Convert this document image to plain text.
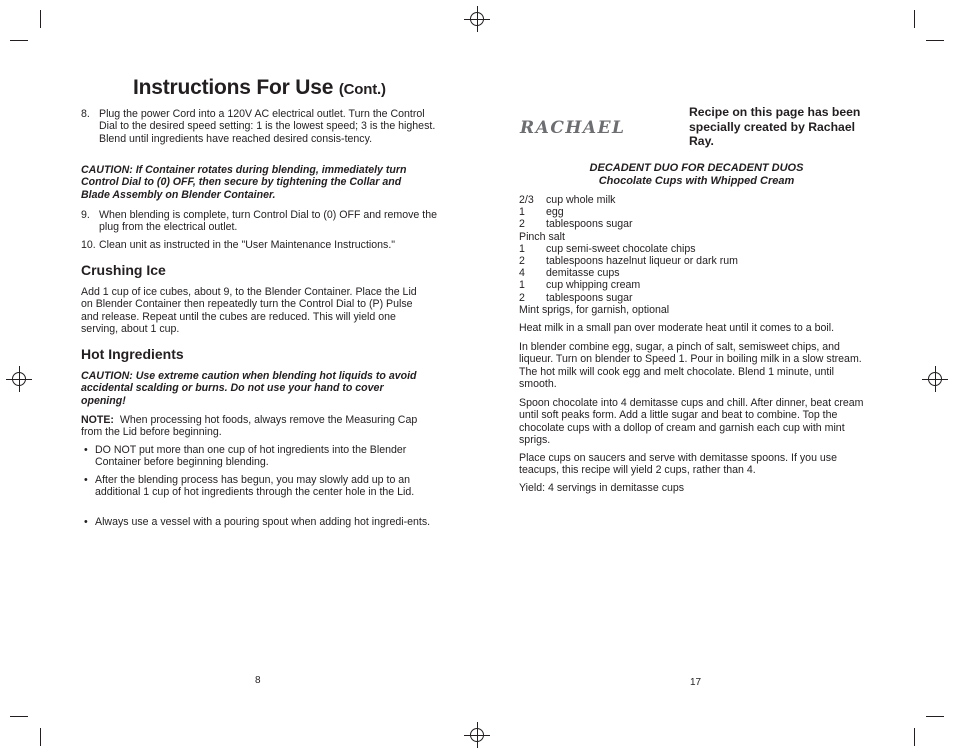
Instructions For Use (Cont.)
8. Plug the power Cord into a 120V AC electrical outlet. Turn the Control Dial to the desired speed setting: 1 is the lowest speed; 3 is the highest. Blend until ingredients have reached desired consis-tency.
CAUTION: If Container rotates during blending, immediately turn Control Dial to (0) OFF, then secure by tightening the Collar and Blade Assembly on Blender Container.
9. When blending is complete, turn Control Dial to (0) OFF and remove the plug from the electrical outlet.
10. Clean unit as instructed in the "User Maintenance Instructions."
Crushing Ice
Add 1 cup of ice cubes, about 9, to the Blender Container. Place the Lid on Blender Container then repeatedly turn the Control Dial to (P) Pulse and release. Repeat until the cubes are reduced. This will yield one serving, about 1 cup.
Hot Ingredients
CAUTION: Use extreme caution when blending hot liquids to avoid accidental scalding or burns. Do not use your hand to cover opening!
NOTE: When processing hot foods, always remove the Measuring Cap from the Lid before beginning.
• DO NOT put more than one cup of hot ingredients into the Blender Container before beginning blending.
• After the blending process has begun, you may slowly add up to an additional 1 cup of hot ingredients through the center hole in the Lid.
• Always use a vessel with a pouring spout when adding hot ingredi-ents.
8
RACHAEL
Recipe on this page has been specially created by Rachael Ray.
DECADENT DUO FOR DECADENT DUOS
Chocolate Cups with Whipped Cream
2/3 cup whole milk
1 egg
2 tablespoons sugar
Pinch salt
1 cup semi-sweet chocolate chips
2 tablespoons hazelnut liqueur or dark rum
4 demitasse cups
1 cup whipping cream
2 tablespoons sugar
Mint sprigs, for garnish, optional
Heat milk in a small pan over moderate heat until it comes to a boil.
In blender combine egg, sugar, a pinch of salt, semisweet chips, and liqueur. Turn on blender to Speed 1. Pour in boiling milk in a slow stream. The hot milk will cook egg and melt chocolate. Blend 1 minute, until smooth.
Spoon chocolate into 4 demitasse cups and chill. After dinner, beat cream until soft peaks form. Add a little sugar and beat to combine. Top the chocolate cups with a dollop of cream and garnish each cup with mint sprigs.
Place cups on saucers and serve with demitasse spoons. If you use teacups, this recipe will yield 2 cups, rather than 4.
Yield: 4 servings in demitasse cups
17
